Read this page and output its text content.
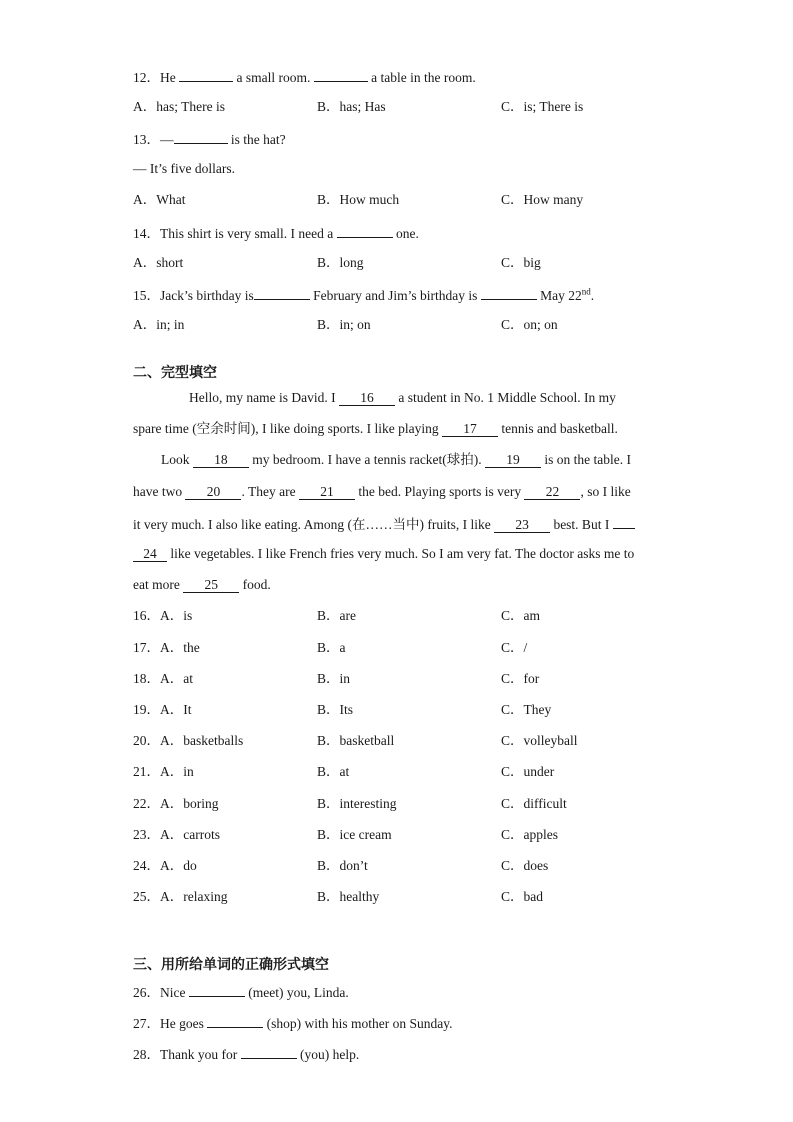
12．He	a small room.	a table in the room.
A．has; There is	B．has; Has	C．is; There is
13．—	is the hat?
— It’s five dollars.
A．What	B．How much	C．How many
14．This shirt is very small. I need a	one.
A．short	B．long	C．big
15．Jack’s birthday is	February and Jim’s birthday is	May 22nd.
A．in; in	B．in; on	C．on; on
二、完型填空
Hello, my name is David. I 16 a student in No. 1 Middle School. In my
spare time (空余时间), I like doing sports. I like playing 17 tennis and basketball.
Look 18 my bedroom. I have a tennis racket(球拍). 19 is on the table. I
have two 20 . They are 21 the bed. Playing sports is very 22 , so I like
it very much. I also like eating. Among (在……当中) fruits, I like 23 best. But I
24 like vegetables. I like French fries very much. So I am very fat. The doctor asks me to
eat more 25 food.
16．A．is	B．are	C．am
17．A．the	B．a	C．/
18．A．at	B．in	C．for
19．A．It	B．Its	C．They
20．A．basketballs	B．basketball	C．volleyball
21．A．in	B．at	C．under
22．A．boring	B．interesting	C．difficult
23．A．carrots	B．ice cream	C．apples
24．A．do	B．don’t	C．does
25．A．relaxing	B．healthy	C．bad
三、用所给单词的正确形式填空
26．Nice	(meet) you, Linda.
27．He goes	(shop) with his mother on Sunday.
28．Thank you for	(you) help.
